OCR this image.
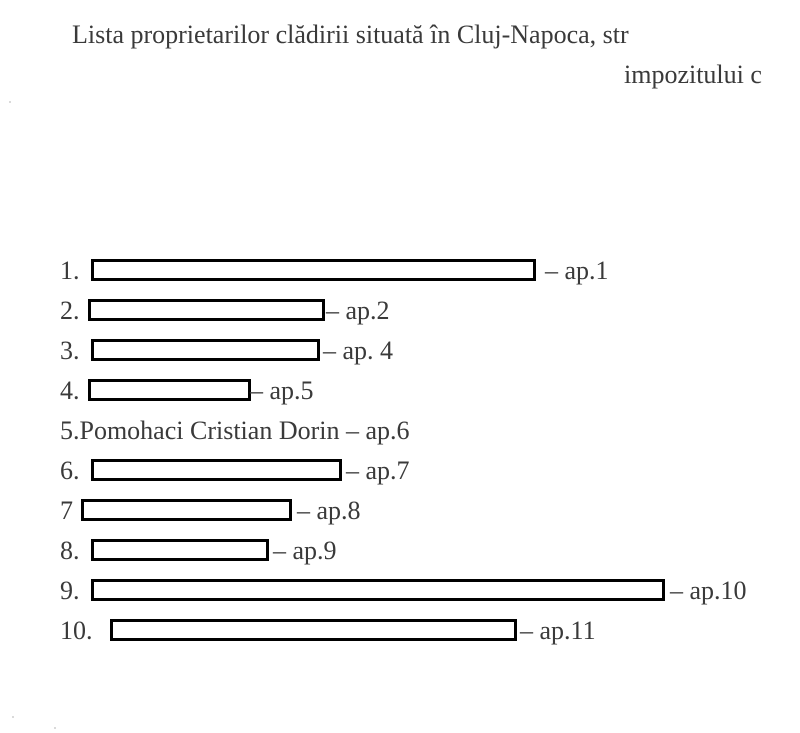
Lista proprietarilor clădirii situată în Cluj-Napoca, str
impozitului c
1.	– ap.1
2.	– ap.2
3.	– ap. 4
4.	– ap.5
5.Pomohaci Cristian Dorin – ap.6
6.	– ap.7
7	– ap.8
8.	– ap.9
9.	– ap.10
10.	– ap.11
